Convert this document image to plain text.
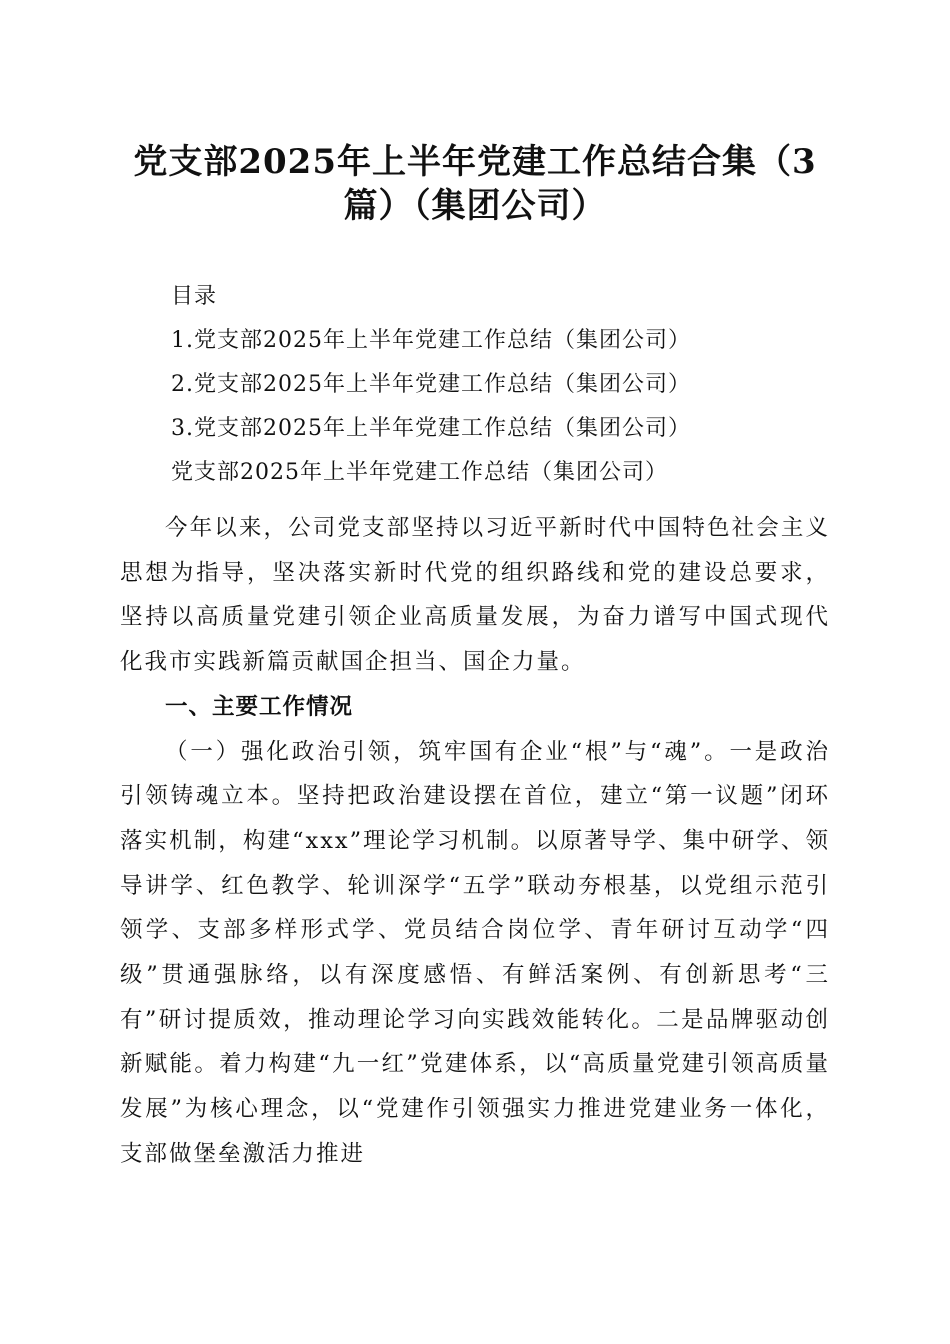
党支部2025年上半年党建工作总结合集（3
篇）（集团公司）
目录
1.党支部2025年上半年党建工作总结（集团公司）
2.党支部2025年上半年党建工作总结（集团公司）
3.党支部2025年上半年党建工作总结（集团公司）
党支部2025年上半年党建工作总结（集团公司）

今年以来，公司党支部坚持以习近平新时代中国特色社会主义思想为指导，坚决落实新时代党的组织路线和党的建设总要求，坚持以高质量党建引领企业高质量发展，为奋力谱写中国式现代化我市实践新篇贡献国企担当、国企力量。

一、主要工作情况

（一）强化政治引领，筑牢国有企业“根”与“魂”。一是政治引领铸魂立本。坚持把政治建设摆在首位，建立“第一议题”闭环落实机制，构建“xxx”理论学习机制。以原著导学、集中研学、领导讲学、红色教学、轮训深学“五学”联动夯根基，以党组示范引领学、支部多样形式学、党员结合岗位学、青年研讨互动学“四级”贯通强脉络，以有深度感悟、有鲜活案例、有创新思考“三有”研讨提质效，推动理论学习向实践效能转化。二是品牌驱动创新赋能。着力构建“九一红”党建体系，以“高质量党建引领高质量发展”为核心理念，以“党建作引领强实力推进党建业务一体化，支部做堡垒激活力推进
